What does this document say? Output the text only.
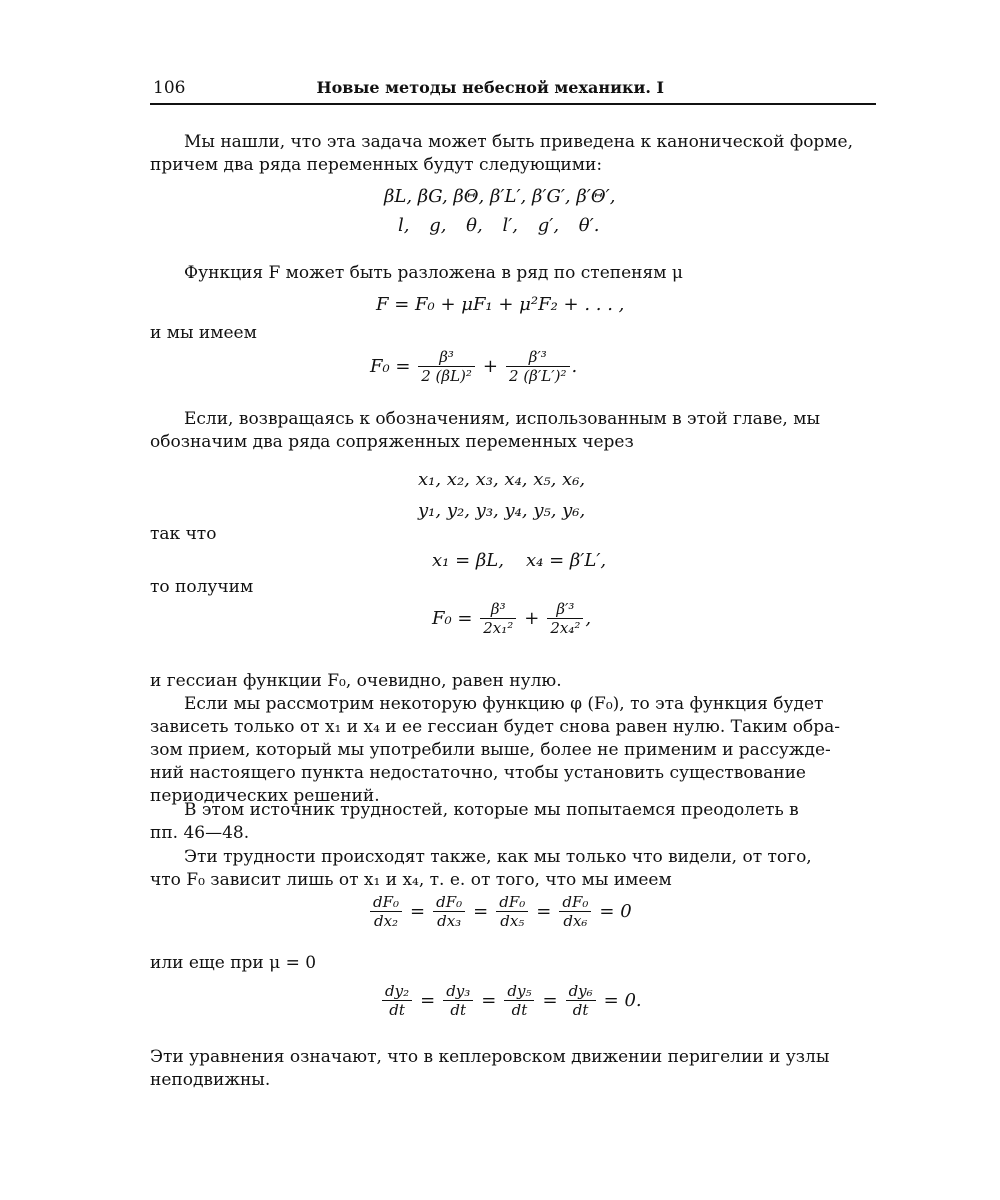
106	Новые методы небесной механики. I
Мы нашли, что эта задача может быть приведена к канонической форме,
причем два ряда переменных будут следующими:
βL, βG, βΘ, β′L′, β′G′, β′Θ′,
l, g, θ, l′, g′, θ′.
Функция F может быть разложена в ряд по степеням μ
F = F₀ + μF₁ + μ²F₂ + . . . ,
и мы имеем
$F_0 = \frac{\text{β³}}{\text{2 (βL)²}} + \frac{\text{β′³}}{\text{2 (β′L′)²}}$ .
Если, возвращаясь к обозначениям, использованным в этой главе, мы
обозначим два ряда сопряженных переменных через
x₁, x₂, x₃, x₄, x₅, x₆,
y₁, y₂, y₃, y₄, y₅, y₆,
так что
x₁ = βL, x₄ = β′L′,
то получим
$F_0 = \frac{\text{β³}}{\text{2x₁²}} + \frac{\text{β′³}}{\text{2x₄²}}$ ,
и гессиан функции F₀, очевидно, равен нулю.
Если мы рассмотрим некоторую функцию φ (F₀), то эта функция будет
зависеть только от x₁ и x₄ и ее гессиан будет снова равен нулю. Таким обра-
зом прием, который мы употребили выше, более не применим и рассужде-
ний настоящего пункта недостаточно, чтобы установить существование
периодических решений.
В этом источник трудностей, которые мы попытаемся преодолеть в
пп. 46—48.
Эти трудности происходят также, как мы только что видели, от того,
что F₀ зависит лишь от x₁ и x₄, т. е. от того, что мы имеем
$\frac{\text{dF₀}}{\text{dx₂}} = \frac{\text{dF₀}}{\text{dx₃}} = \frac{\text{dF₀}}{\text{dx₅}} = \frac{\text{dF₀}}{\text{dx₆}} = 0$
или еще при μ = 0
$\frac{\text{dy₂}}{dt} = \frac{\text{dy₃}}{dt} = \frac{\text{dy₅}}{dt} = \frac{\text{dy₆}}{dt} = 0$.
Эти уравнения означают, что в кеплеровском движении перигелии и узлы
неподвижны.
